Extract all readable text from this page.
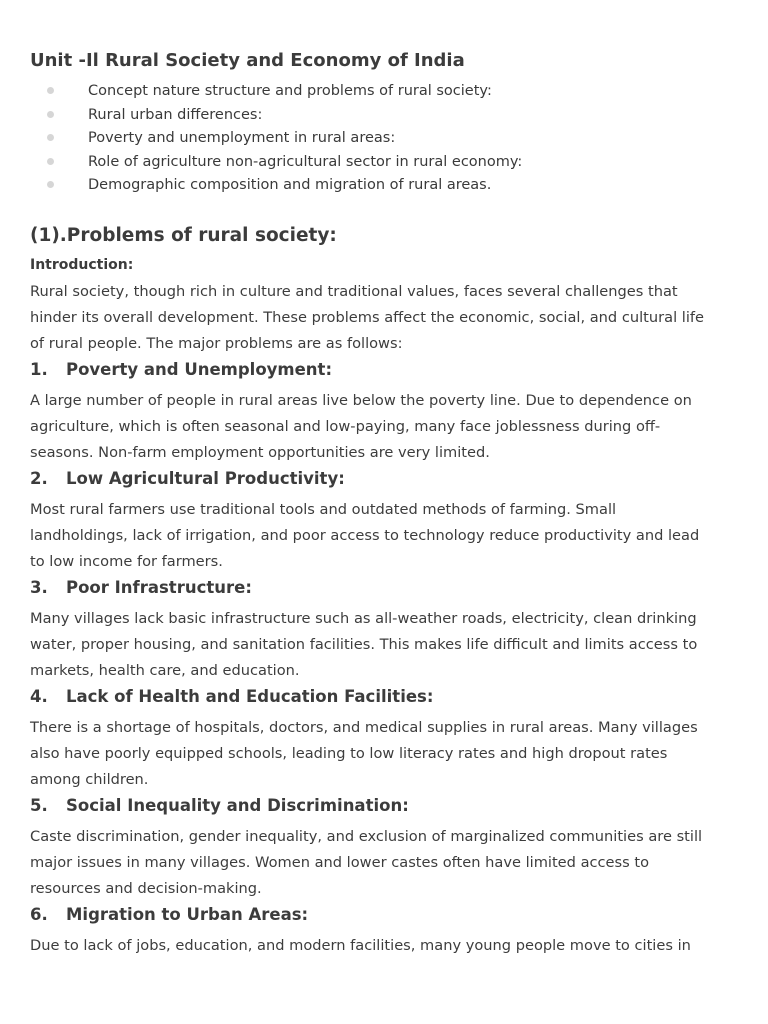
Unit -Il Rural Society and Economy of India
Concept nature structure and problems of rural society:
Rural urban differences:
Poverty and unemployment in rural areas:
Role of agriculture non-agricultural sector in rural economy:
Demographic composition and migration of rural areas.
(1).Problems of rural society:
Introduction:

Rural society, though rich in culture and traditional values, faces several challenges that
hinder its overall development. These problems affect the economic, social, and cultural life
of rural people. The major problems are as follows:

1. Poverty and Unemployment:

A large number of people in rural areas live below the poverty line. Due to dependence on
agriculture, which is often seasonal and low-paying, many face joblessness during off-
seasons. Non-farm employment opportunities are very limited.

2. Low Agricultural Productivity:

Most rural farmers use traditional tools and outdated methods of farming. Small
landholdings, lack of irrigation, and poor access to technology reduce productivity and lead
to low income for farmers.

3. Poor Infrastructure:

Many villages lack basic infrastructure such as all-weather roads, electricity, clean drinking
water, proper housing, and sanitation facilities. This makes life difficult and limits access to
markets, health care, and education.

4. Lack of Health and Education Facilities:

There is a shortage of hospitals, doctors, and medical supplies in rural areas. Many villages
also have poorly equipped schools, leading to low literacy rates and high dropout rates
among children.

5. Social Inequality and Discrimination:

Caste discrimination, gender inequality, and exclusion of marginalized communities are still
major issues in many villages. Women and lower castes often have limited access to
resources and decision-making.

6. Migration to Urban Areas:

Due to lack of jobs, education, and modern facilities, many young people move to cities in
